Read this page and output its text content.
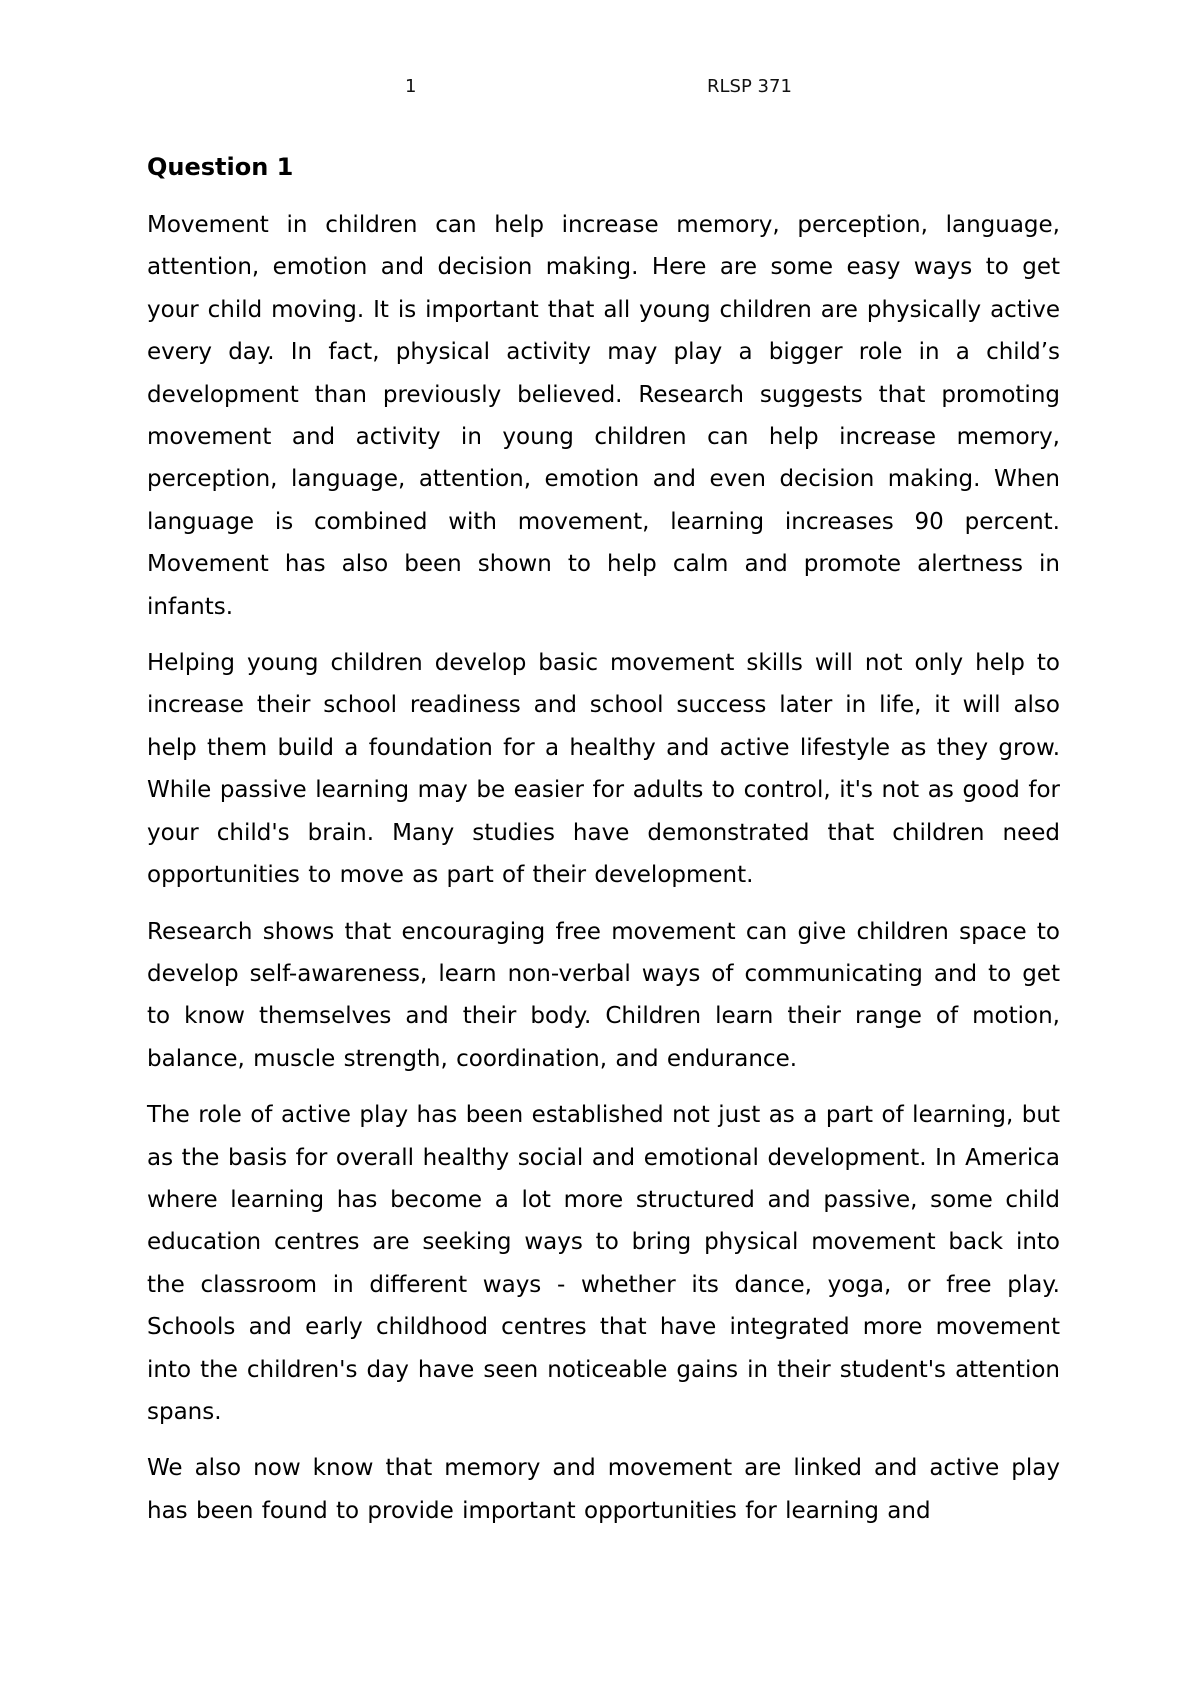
1	RLSP 371
Question 1

Movement in children can help increase memory, perception, language, attention, emotion and decision making. Here are some easy ways to get your child moving. It is important that all young children are physically active every day. In fact, physical activity may play a bigger role in a child’s development than previously believed. Research suggests that promoting movement and activity in young children can help increase memory, perception, language, attention, emotion and even decision making. When language is combined with movement, learning increases 90 percent. Movement has also been shown to help calm and promote alertness in infants.

Helping young children develop basic movement skills will not only help to increase their school readiness and school success later in life, it will also help them build a foundation for a healthy and active lifestyle as they grow. While passive learning may be easier for adults to control, it's not as good for your child's brain. Many studies have demonstrated that children need opportunities to move as part of their development.

Research shows that encouraging free movement can give children space to develop self-awareness, learn non-verbal ways of communicating and to get to know themselves and their body. Children learn their range of motion, balance, muscle strength, coordination, and endurance.

The role of active play has been established not just as a part of learning, but as the basis for overall healthy social and emotional development. In America where learning has become a lot more structured and passive, some child education centres are seeking ways to bring physical movement back into the classroom in different ways - whether its dance, yoga, or free play. Schools and early childhood centres that have integrated more movement into the children's day have seen noticeable gains in their student's attention spans.

We also now know that memory and movement are linked and active play has been found to provide important opportunities for learning and
